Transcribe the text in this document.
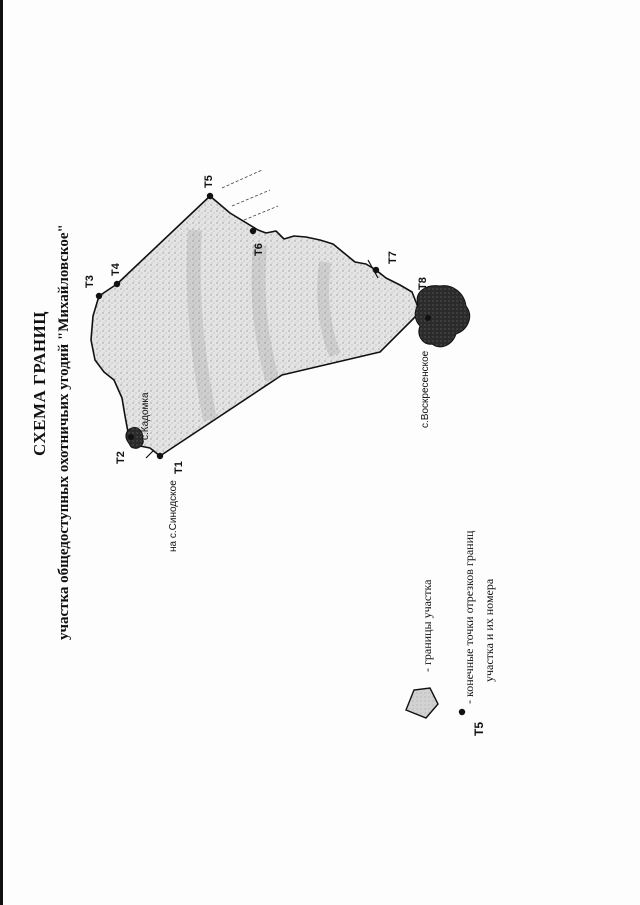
СХЕМА ГРАНИЦ участка общедоступных охотничьих угодий "Михайловское"	T1
T2
T3
T4
T5
T6
T7
T8
с.Кадомка	с.Воскресенское
на с.Синодское
- границы участка
T5
- конечные точки отрезков границ участка и их номера
